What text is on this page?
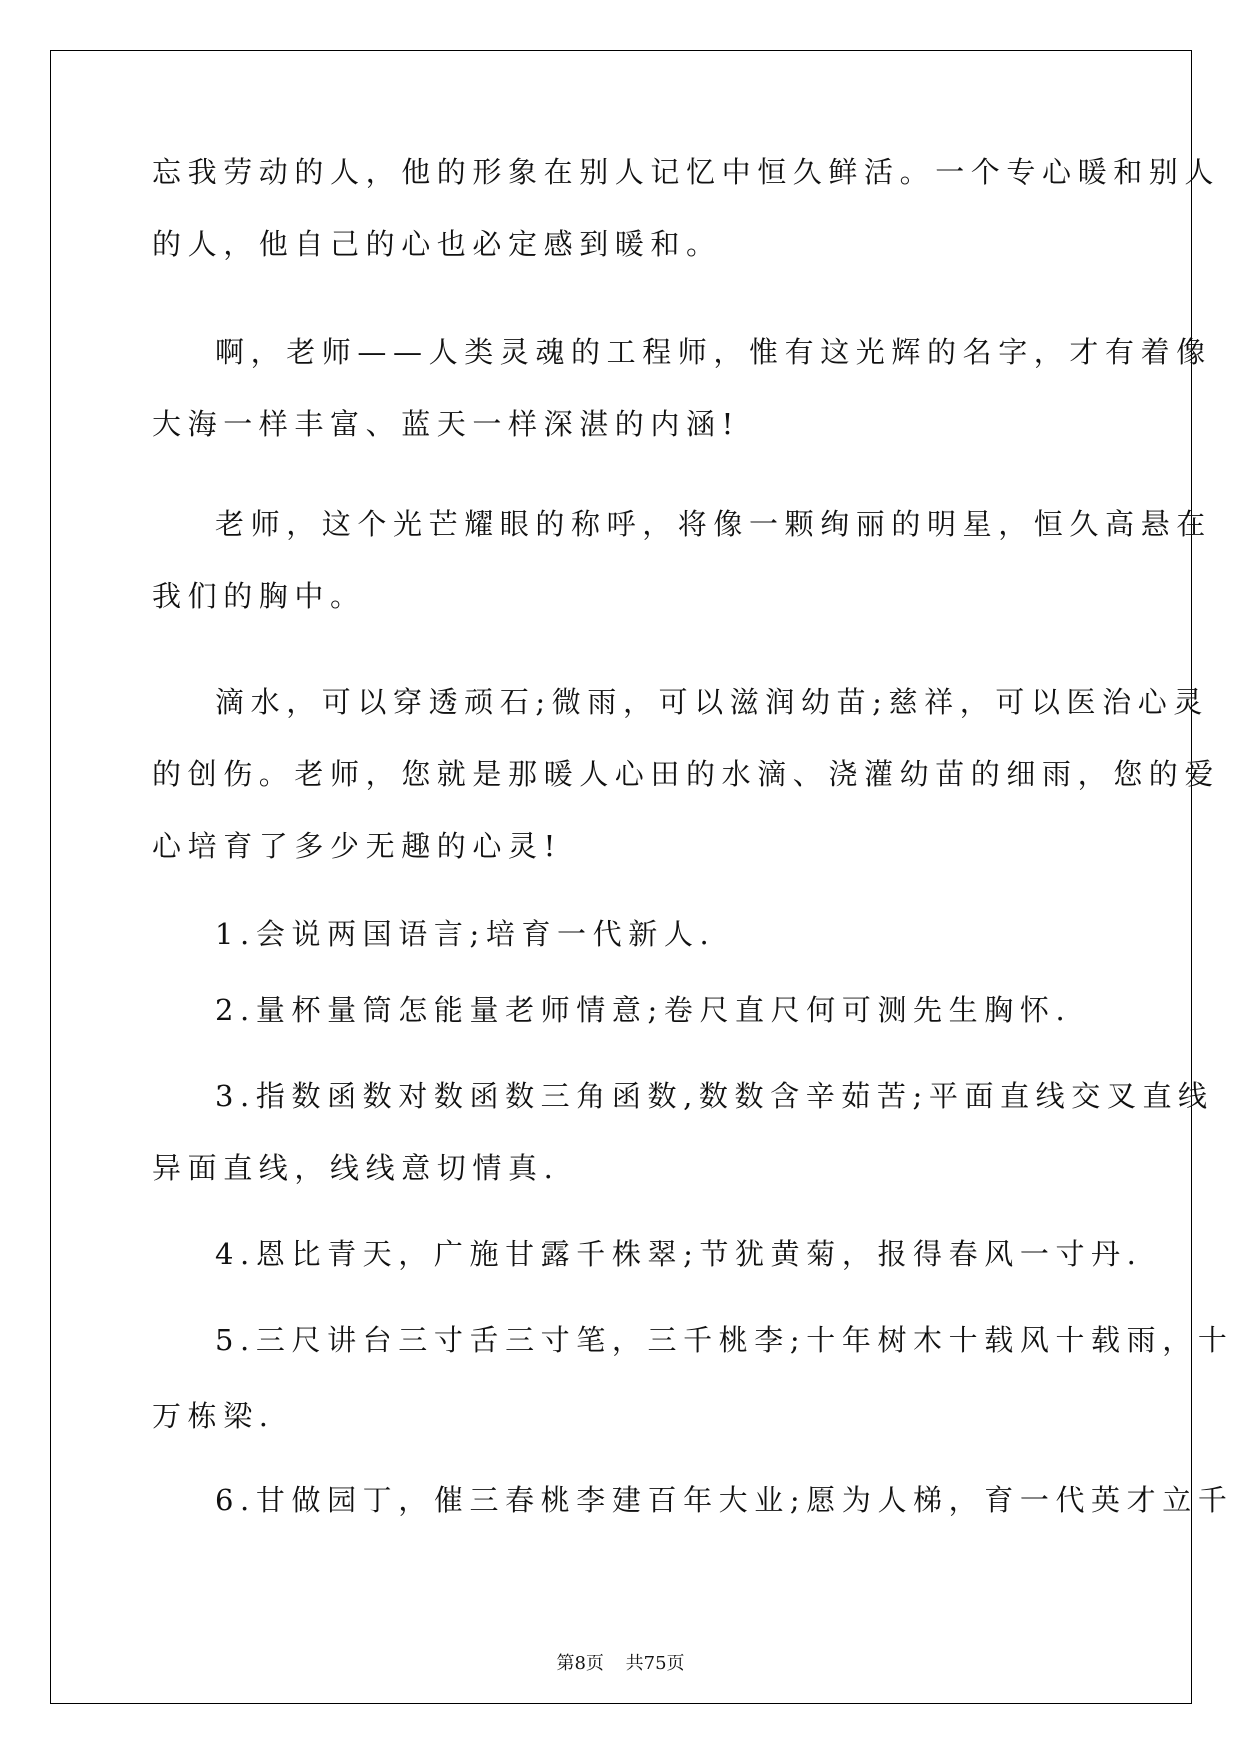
忘我劳动的人，他的形象在别人记忆中恒久鲜活。一个专心暖和别人
的人，他自己的心也必定感到暖和。
啊，老师——人类灵魂的工程师，惟有这光辉的名字，才有着像
大海一样丰富、蓝天一样深湛的内涵!
老师，这个光芒耀眼的称呼，将像一颗绚丽的明星，恒久高悬在
我们的胸中。
滴水，可以穿透顽石;微雨，可以滋润幼苗;慈祥，可以医治心灵
的创伤。老师，您就是那暖人心田的水滴、浇灌幼苗的细雨，您的爱
心培育了多少无趣的心灵!
1.会说两国语言;培育一代新人.
2.量杯量筒怎能量老师情意;卷尺直尺何可测先生胸怀.
3.指数函数对数函数三角函数,数数含辛茹苦;平面直线交叉直线
异面直线，线线意切情真.
4.恩比青天，广施甘露千株翠;节犹黄菊，报得春风一寸丹.
5.三尺讲台三寸舌三寸笔，三千桃李;十年树木十载风十载雨，十
万栋梁.
6.甘做园丁，催三春桃李建百年大业;愿为人梯，育一代英才立千
第8页 共75页
